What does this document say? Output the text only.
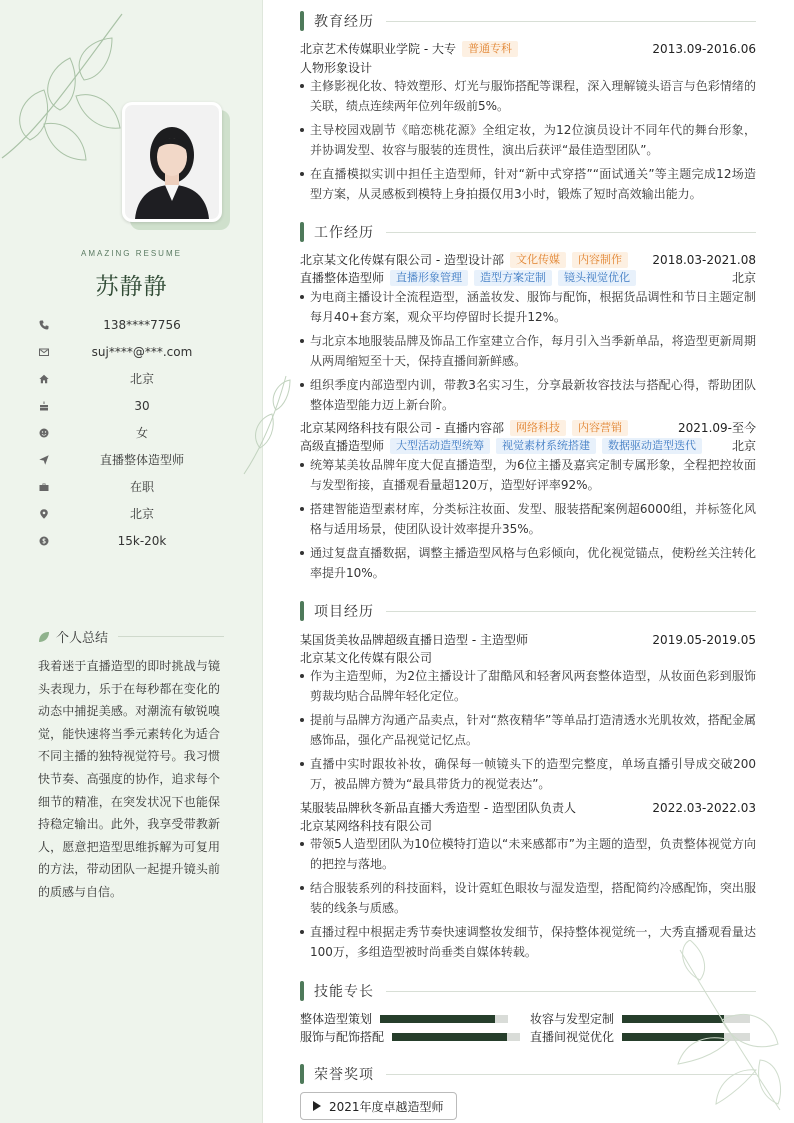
AMAZING RESUME
苏静静
138****7756
suj****@***.com
北京
30
女
直播整体造型师
在职
北京
15k-20k
个人总结
我着迷于直播造型的即时挑战与镜头表现力，乐于在每秒都在变化的动态中捕捉美感。对潮流有敏锐嗅觉，能快速将当季元素转化为适合不同主播的独特视觉符号。我习惯快节奏、高强度的协作，追求每个细节的精准，在突发状况下也能保持稳定输出。此外，我享受带教新人，愿意把造型思维拆解为可复用的方法，带动团队一起提升镜头前的质感与自信。
教育经历
北京艺术传媒职业学院 - 大专	普通专科	2013.09-2016.06
人物形象设计
主修影视化妆、特效塑形、灯光与服饰搭配等课程，深入理解镜头语言与色彩情绪的关联，绩点连续两年位列年级前5%。
主导校园戏剧节《暗恋桃花源》全组定妆，为12位演员设计不同年代的舞台形象，并协调发型、妆容与服装的连贯性，演出后获评“最佳造型团队”。
在直播模拟实训中担任主造型师，针对“新中式穿搭”“面试通关”等主题完成12场造型方案，从灵感板到模特上身拍摄仅用3小时，锻炼了短时高效输出能力。
工作经历
北京某文化传媒有限公司 - 造型设计部	文化传媒	内容制作	2018.03-2021.08
直播整体造型师	直播形象管理	造型方案定制	镜头视觉优化	北京
为电商主播设计全流程造型，涵盖妆发、服饰与配饰，根据货品调性和节日主题定制每月40+套方案，观众平均停留时长提升12%。
与北京本地服装品牌及饰品工作室建立合作，每月引入当季新单品，将造型更新周期从两周缩短至十天，保持直播间新鲜感。
组织季度内部造型内训，带教3名实习生，分享最新妆容技法与搭配心得，帮助团队整体造型能力迈上新台阶。
北京某网络科技有限公司 - 直播内容部	网络科技	内容营销	2021.09-至今
高级直播造型师	大型活动造型统筹	视觉素材系统搭建	数据驱动造型迭代	北京
统筹某美妆品牌年度大促直播造型，为6位主播及嘉宾定制专属形象，全程把控妆面与发型衔接，直播观看量超120万，造型好评率92%。
搭建智能造型素材库，分类标注妆面、发型、服装搭配案例超6000组，并标签化风格与适用场景，使团队设计效率提升35%。
通过复盘直播数据，调整主播造型风格与色彩倾向，优化视觉锚点，使粉丝关注转化率提升10%。
项目经历
某国货美妆品牌超级直播日造型 - 主造型师	2019.05-2019.05
北京某文化传媒有限公司
作为主造型师，为2位主播设计了甜酷风和轻奢风两套整体造型，从妆面色彩到服饰剪裁均贴合品牌年轻化定位。
提前与品牌方沟通产品卖点，针对“熬夜精华”等单品打造清透水光肌妆效，搭配金属感饰品，强化产品视觉记忆点。
直播中实时跟妆补妆，确保每一帧镜头下的造型完整度，单场直播引导成交破200万，被品牌方赞为“最具带货力的视觉表达”。
某服装品牌秋冬新品直播大秀造型 - 造型团队负责人	2022.03-2022.03
北京某网络科技有限公司
带领5人造型团队为10位模特打造以“未来感都市”为主题的造型，负责整体视觉方向的把控与落地。
结合服装系列的科技面料，设计霓虹色眼妆与湿发造型，搭配简约冷感配饰，突出服装的线条与质感。
直播过程中根据走秀节奏快速调整妆发细节，保持整体视觉统一，大秀直播观看量达100万，多组造型被时尚垂类自媒体转载。
技能专长
整体造型策划	妆容与发型定制
服饰与配饰搭配	直播间视觉优化
荣誉奖项
2021年度卓越造型师
